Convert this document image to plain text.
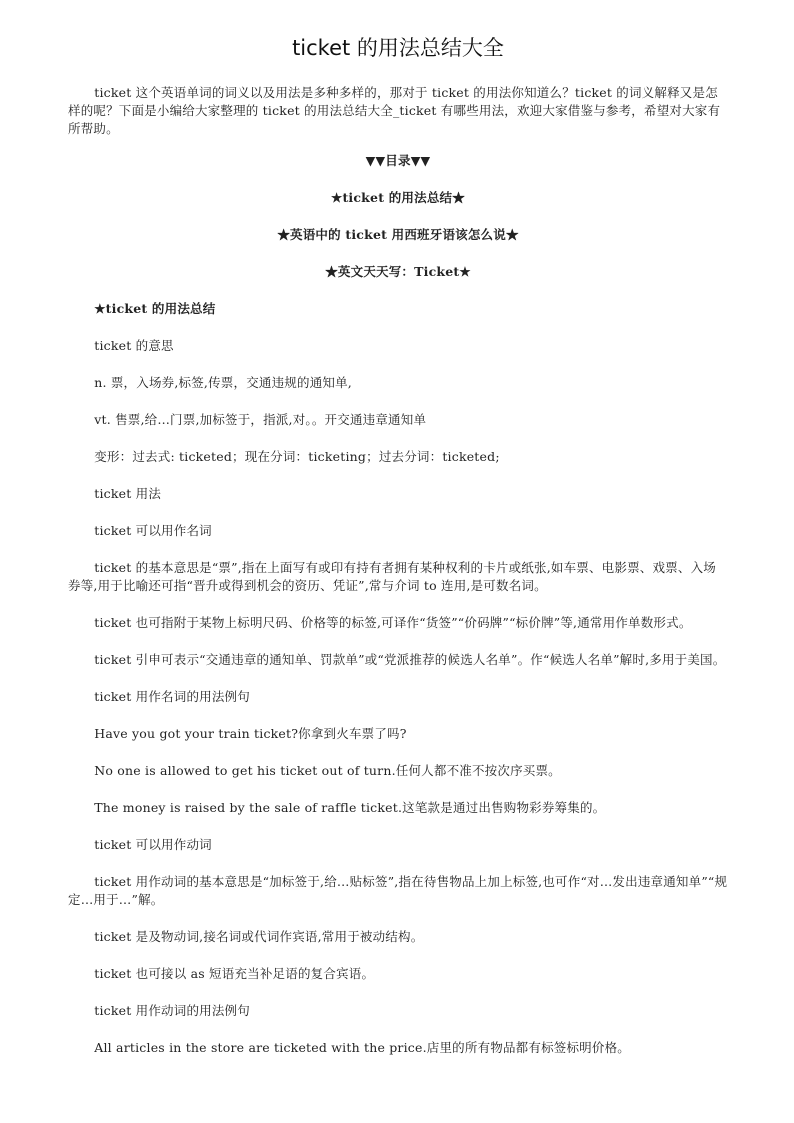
ticket 的用法总结大全

ticket 这个英语单词的词义以及用法是多种多样的，那对于 ticket 的用法你知道么？ticket 的词义解释又是怎样的呢？下面是小编给大家整理的 ticket 的用法总结大全_ticket 有哪些用法，欢迎大家借鉴与参考，希望对大家有所帮助。

▼▼目录▼▼

★ticket 的用法总结★

★英语中的 ticket 用西班牙语该怎么说★

★英文天天写：Ticket★

★ticket 的用法总结

ticket 的意思

n. 票，入场券,标签,传票，交通违规的通知单,

vt. 售票,给…门票,加标签于，指派,对。。开交通违章通知单

变形：过去式: ticketed；现在分词：ticketing；过去分词：ticketed;

ticket 用法

ticket 可以用作名词

ticket 的基本意思是“票”,指在上面写有或印有持有者拥有某种权利的卡片或纸张,如车票、电影票、戏票、入场券等,用于比喻还可指“晋升或得到机会的资历、凭证”,常与介词 to 连用,是可数名词。

ticket 也可指附于某物上标明尺码、价格等的标签,可译作“货签”“价码牌”“标价牌”等,通常用作单数形式。

ticket 引申可表示“交通违章的通知单、罚款单”或“党派推荐的候选人名单”。作“候选人名单”解时,多用于美国。

ticket 用作名词的用法例句

Have you got your train ticket?你拿到火车票了吗?

No one is allowed to get his ticket out of turn.任何人都不准不按次序买票。

The money is raised by the sale of raffle ticket.这笔款是通过出售购物彩券筹集的。

ticket 可以用作动词

ticket 用作动词的基本意思是“加标签于,给…贴标签”,指在待售物品上加上标签,也可作“对…发出违章通知单”“规定…用于…”解。

ticket 是及物动词,接名词或代词作宾语,常用于被动结构。

ticket 也可接以 as 短语充当补足语的复合宾语。

ticket 用作动词的用法例句

All articles in the store are ticketed with the price.店里的所有物品都有标签标明价格。
